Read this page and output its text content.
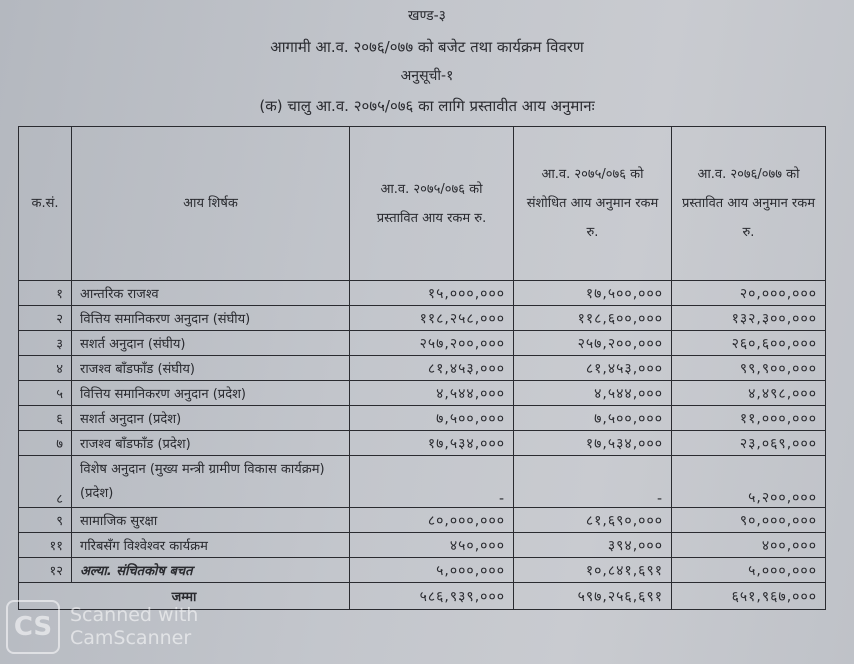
खण्ड-३
आगामी आ.व. २०७६/०७७ को बजेट तथा कार्यक्रम विवरण
अनुसूची-१
(क) चालु आ.व. २०७५/०७६ का लागि प्रस्तावीत आय अनुमानः
क.सं.	आय शिर्षक	आ.व. २०७५/०७६ को प्रस्तावित आय रकम रु.	आ.व. २०७५/०७६ को संशोधित आय अनुमान रकम रु.	आ.व. २०७६/०७७ को प्रस्तावित आय अनुमान रकम रु.
१	आन्तरिक राजश्व	१५,०००,०००	१७,५००,०००	२०,०००,०००
२	वित्तिय समानिकरण अनुदान (संघीय)	११८,२५८,०००	११८,६००,०००	१३२,३००,०००
३	सशर्त अनुदान (संघीय)	२५७,२००,०००	२५७,२००,०००	२६०,६००,०००
४	राजश्व बाँडफाँड (संघीय)	८१,४५३,०००	८१,४५३,०००	९९,९००,०००
५	वित्तिय समानिकरण अनुदान (प्रदेश)	४,५४४,०००	४,५४४,०००	४,४९८,०००
६	सशर्त अनुदान (प्रदेश)	७,५००,०००	७,५००,०००	११,०००,०००
७	राजश्व बाँडफाँड (प्रदेश)	१७,५३४,०००	१७,५३४,०००	२३,०६९,०००
८	विशेष अनुदान (मुख्य मन्त्री ग्रामीण विकास कार्यक्रम) (प्रदेश)	-	-	५,२००,०००
९	सामाजिक सुरक्षा	८०,०००,०००	८१,६९०,०००	९०,०००,०००
११	गरिबसँग विश्वेश्वर कार्यक्रम	४५०,०००	३९४,०००	४००,०००
१२	अल्या. संचितकोष बचत	५,०००,०००	१०,८४१,६९१	५,०००,०००
जम्मा		५८६,९३९,०००	५९७,२५६,६९१	६५१,९६७,०००
CS Scanned with
CamScanner
